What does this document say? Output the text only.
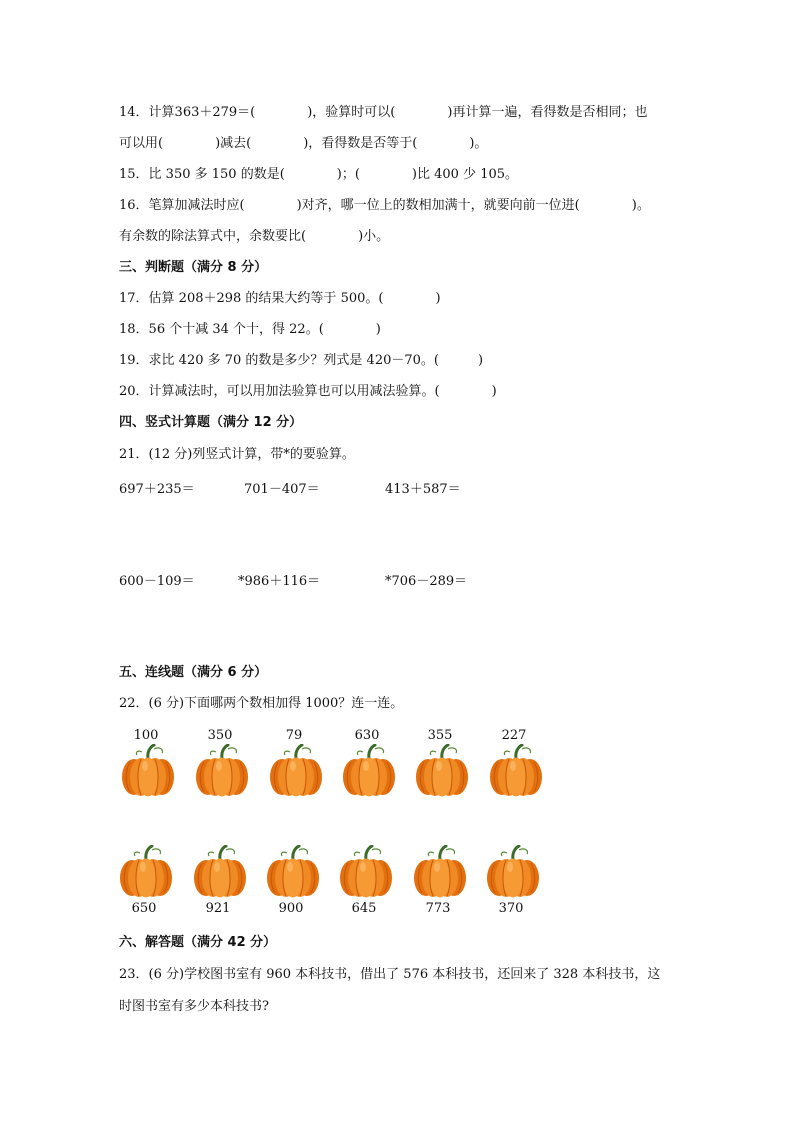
14．计算363＋279＝(　　　　)，验算时可以(　　　　)再计算一遍，看得数是否相同；也
可以用(　　　　)减去(　　　　)，看得数是否等于(　　　　)。
15．比 350 多 150 的数是(　　　　)；(　　　　)比 400 少 105。
16．笔算加减法时应(　　　　)对齐，哪一位上的数相加满十，就要向前一位进(　　　　)。
有余数的除法算式中，余数要比(　　　　)小。
三、判断题（满分 8 分）
17．估算 208＋298 的结果大约等于 500。(　　　　)
18．56 个十减 34 个十，得 22。(　　　　)
19．求比 420 多 70 的数是多少？列式是 420－70。(　　　)
20．计算减法时，可以用加法验算也可以用减法验算。(　　　　)
四、竖式计算题（满分 12 分）
21．(12 分)列竖式计算，带*的要验算。
697＋235＝	701－407＝	413＋587＝
600－109＝	*986＋116＝	*706－289＝
五、连线题（满分 6 分）
22．(6 分)下面哪两个数相加得 1000？连一连。
100	350	79	630	355	227
650	921	900	645	773	370
六、解答题（满分 42 分）
23．(6 分)学校图书室有 960 本科技书，借出了 576 本科技书，还回来了 328 本科技书，这
时图书室有多少本科技书?
